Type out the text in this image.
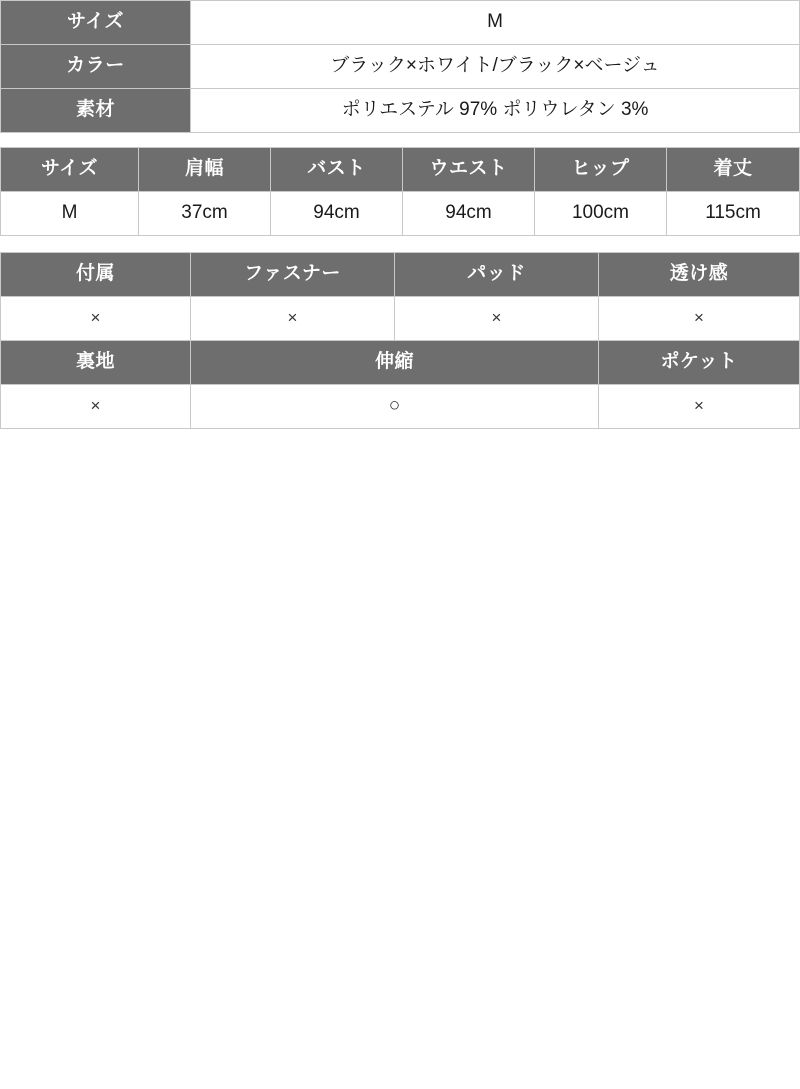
サイズ	M
カラー	ブラック×ホワイト/ブラック×ベージュ
素材	ポリエステル 97% ポリウレタン 3%
サイズ	肩幅	バスト	ウエスト	ヒップ	着丈
M	37cm	94cm	94cm	100cm	115cm
付属	ファスナー	パッド	透け感
×	×	×	×
裏地	伸縮		ポケット
×	○		×
